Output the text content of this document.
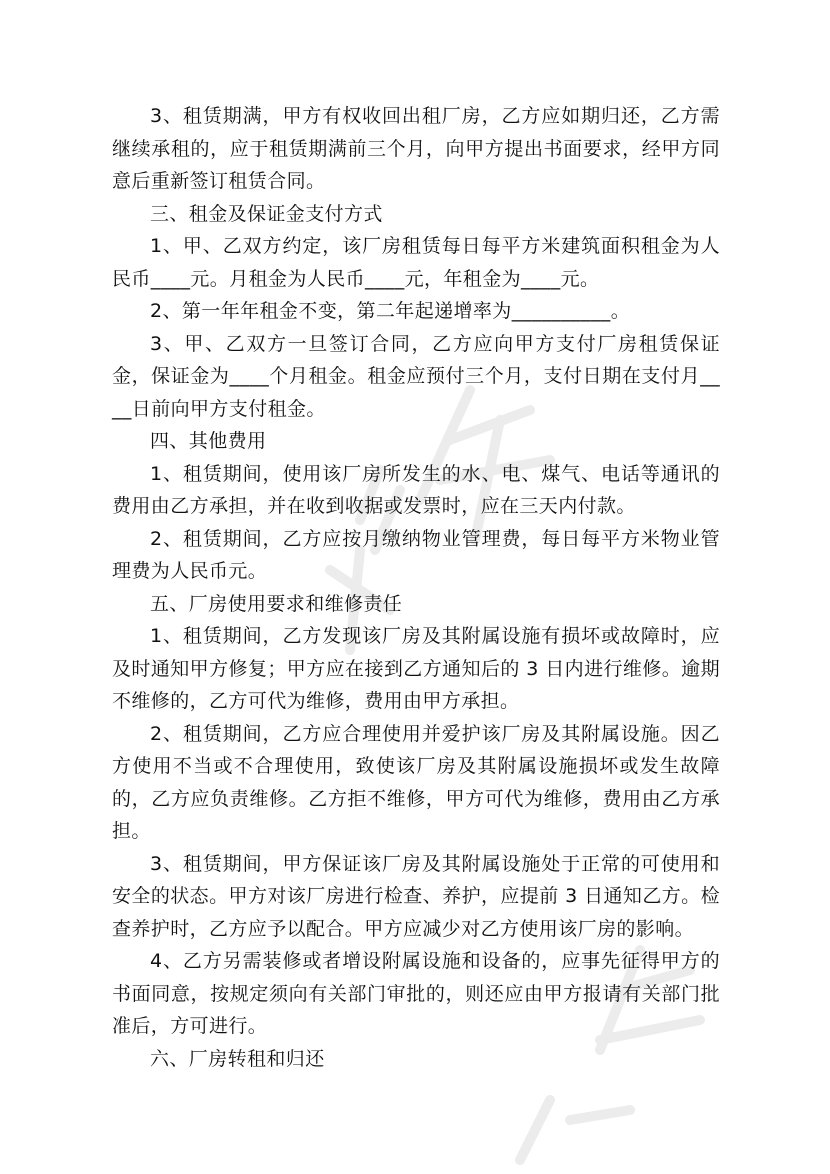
3、租赁期满，甲方有权收回出租厂房，乙方应如期归还，乙方需继续承租的，应于租赁期满前三个月，向甲方提出书面要求，经甲方同意后重新签订租赁合同。

三、租金及保证金支付方式

1、甲、乙双方约定，该厂房租赁每日每平方米建筑面积租金为人民币____元。月租金为人民币____元，年租金为____元。

2、第一年年租金不变，第二年起递增率为__________。

3、甲、乙双方一旦签订合同，乙方应向甲方支付厂房租赁保证金，保证金为____个月租金。租金应预付三个月，支付日期在支付月____日前向甲方支付租金。

四、其他费用

1、租赁期间，使用该厂房所发生的水、电、煤气、电话等通讯的费用由乙方承担，并在收到收据或发票时，应在三天内付款。

2、租赁期间，乙方应按月缴纳物业管理费，每日每平方米物业管理费为人民币元。

五、厂房使用要求和维修责任

1、租赁期间，乙方发现该厂房及其附属设施有损坏或故障时，应及时通知甲方修复；甲方应在接到乙方通知后的 3 日内进行维修。逾期不维修的，乙方可代为维修，费用由甲方承担。

2、租赁期间，乙方应合理使用并爱护该厂房及其附属设施。因乙方使用不当或不合理使用，致使该厂房及其附属设施损坏或发生故障的，乙方应负责维修。乙方拒不维修，甲方可代为维修，费用由乙方承担。

3、租赁期间，甲方保证该厂房及其附属设施处于正常的可使用和安全的状态。甲方对该厂房进行检查、养护，应提前 3 日通知乙方。检查养护时，乙方应予以配合。甲方应减少对乙方使用该厂房的影响。

4、乙方另需装修或者增设附属设施和设备的，应事先征得甲方的书面同意，按规定须向有关部门审批的，则还应由甲方报请有关部门批准后，方可进行。

六、厂房转租和归还
